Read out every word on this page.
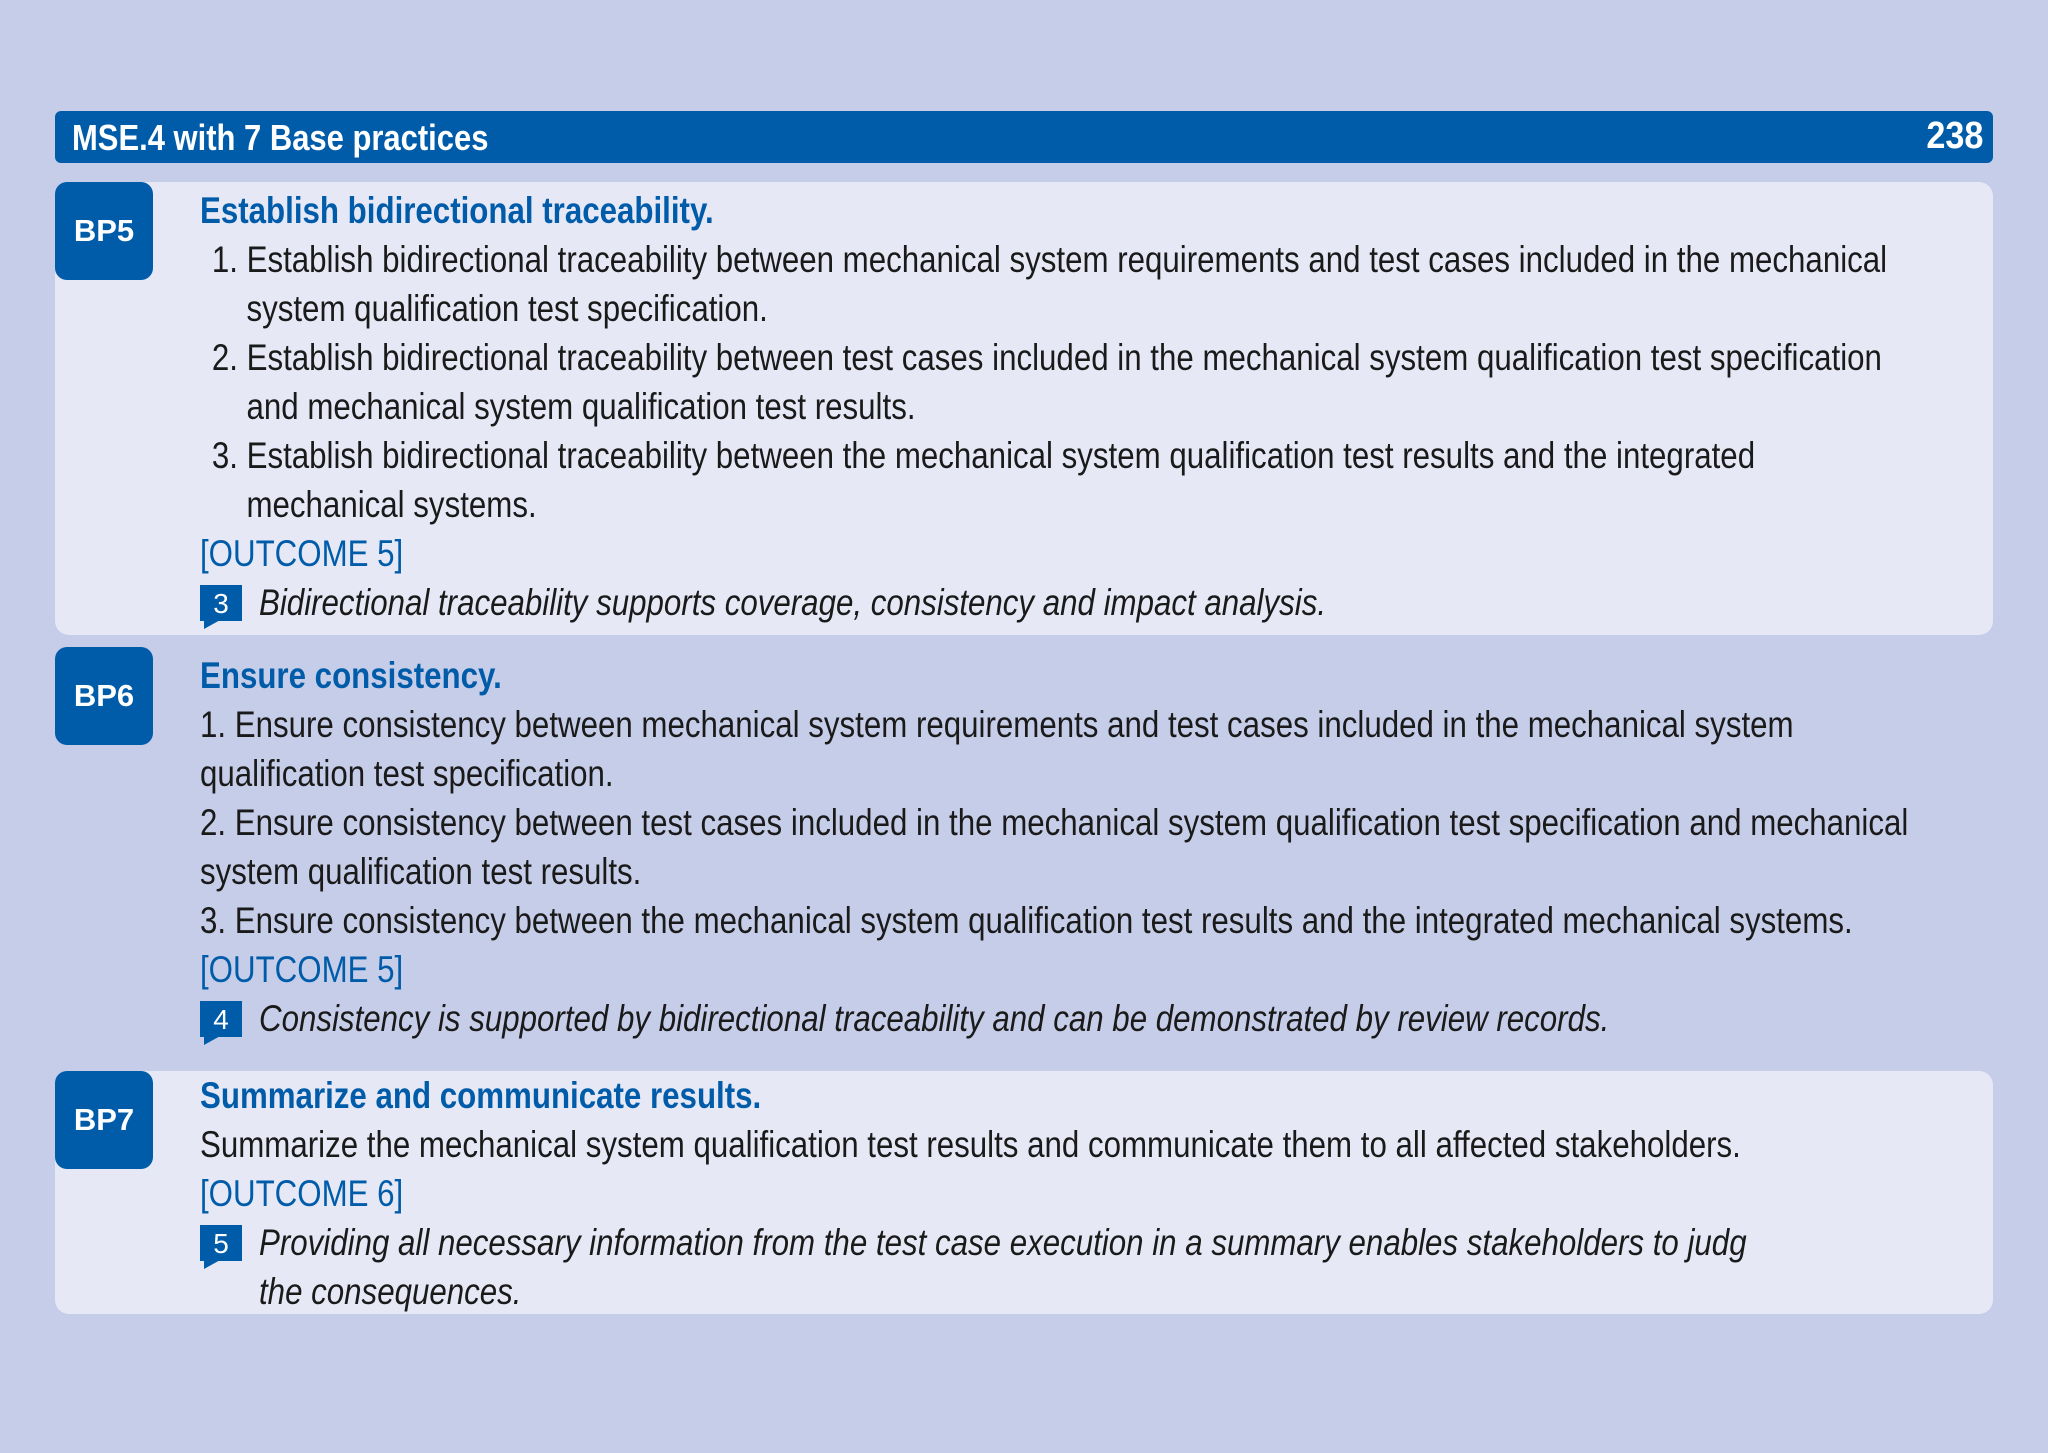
MSE.4 with 7 Base practices	238
BP5	Establish bidirectional traceability.
1. Establish bidirectional traceability between mechanical system requirements and test cases included in the mechanical
system qualification test specification.
2. Establish bidirectional traceability between test cases included in the mechanical system qualification test specification
and mechanical system qualification test results.
3. Establish bidirectional traceability between the mechanical system qualification test results and the integrated
mechanical systems.
[OUTCOME 5]
3 Bidirectional traceability supports coverage, consistency and impact analysis.
BP6	Ensure consistency.
1. Ensure consistency between mechanical system requirements and test cases included in the mechanical system
qualification test specification.
2. Ensure consistency between test cases included in the mechanical system qualification test specification and mechanical
system qualification test results.
3. Ensure consistency between the mechanical system qualification test results and the integrated mechanical systems.
[OUTCOME 5]
4 Consistency is supported by bidirectional traceability and can be demonstrated by review records.
BP7
Summarize and communicate results.
Summarize the mechanical system qualification test results and communicate them to all affected stakeholders.
[OUTCOME 6]
5 Providing all necessary information from the test case execution in a summary enables stakeholders to judg
the consequences.
